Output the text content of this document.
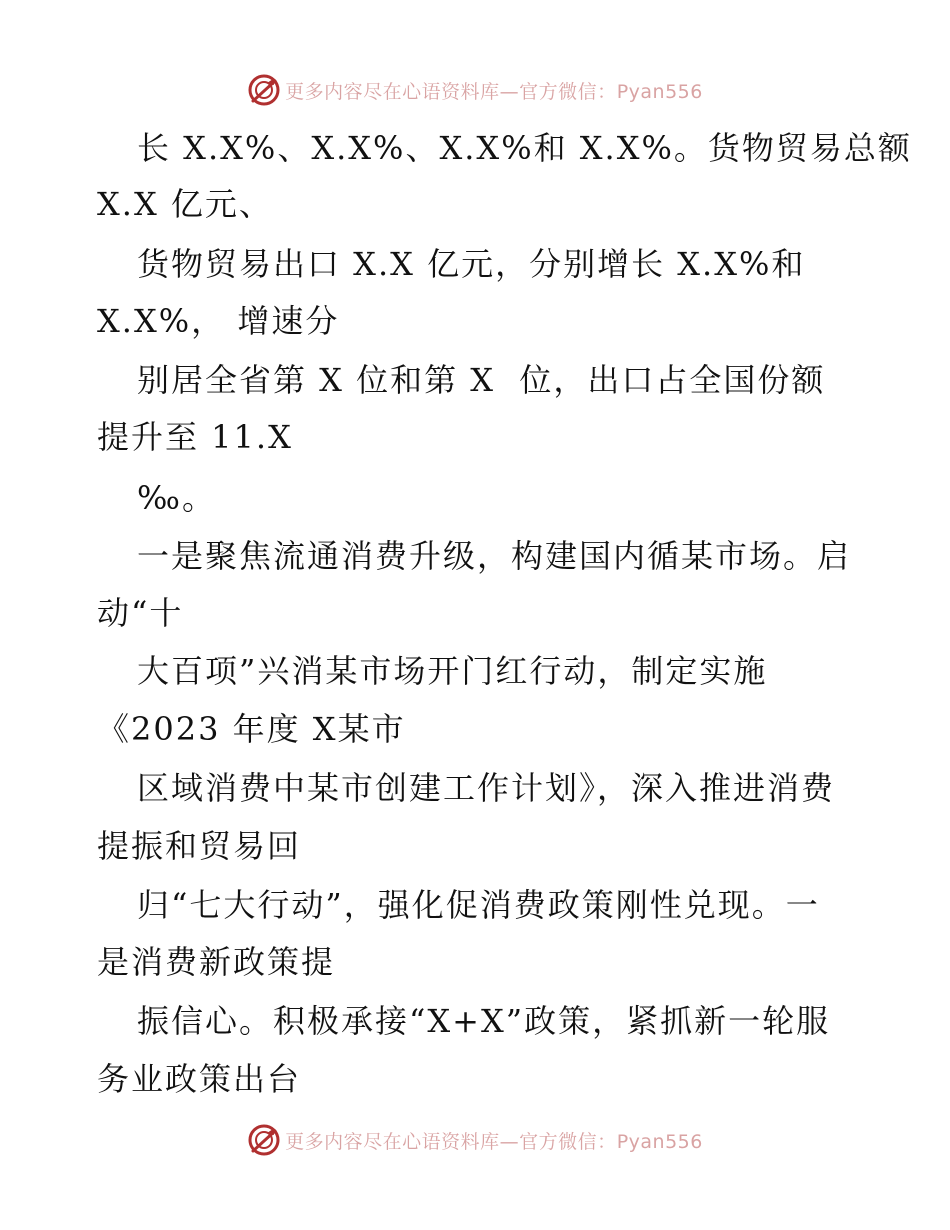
更多内容尽在心语资料库—官方微信：Pyan556
长 X.X%、X.X%、X.X%和 X.X%。货物贸易总额
X.X 亿元、
货物贸易出口 X.X 亿元，分别增长 X.X%和
X.X%， 增速分
别居全省第 X 位和第 X  位，出口占全国份额
提升至 11.X
‰。
一是聚焦流通消费升级，构建国内循某市场。启
动“十
大百项”兴消某市场开门红行动，制定实施
《2023 年度 X某市
区域消费中某市创建工作计划》，深入推进消费
提振和贸易回
归“七大行动”，强化促消费政策刚性兑现。一
是消费新政策提
振信心。积极承接“X+X”政策，紧抓新一轮服
务业政策出台
更多内容尽在心语资料库—官方微信：Pyan556
